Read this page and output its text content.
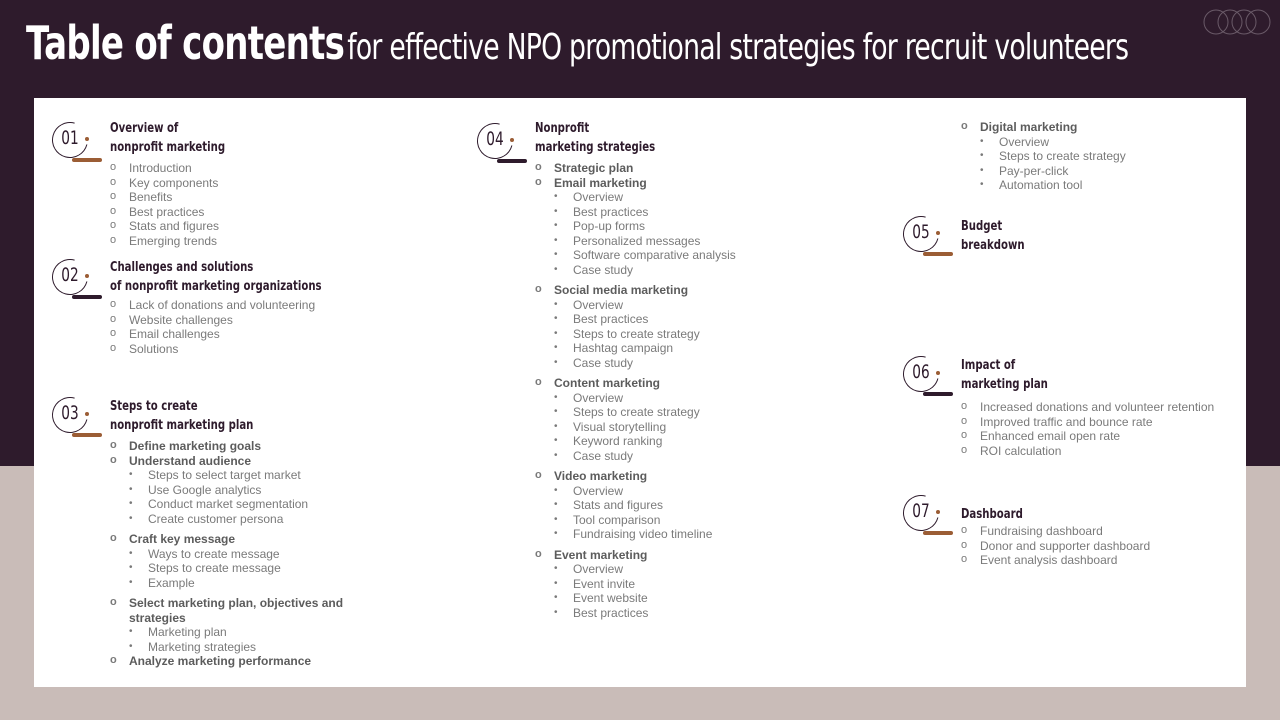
Table of contents for effective NPO promotional strategies for recruit volunteers
01	Overview of
nonprofit marketing
o Introduction
o Key components
o Benefits
o Best practices
o Stats and figures
o Emerging trends
02	Challenges and solutions
of nonprofit marketing organizations
o Lack of donations and volunteering
o Website challenges
o Email challenges
o Solutions
03	Steps to create
nonprofit marketing plan
o Define marketing goals
o Understand audience
• Steps to select target market
• Use Google analytics
• Conduct market segmentation
• Create customer persona
o Craft key message
• Ways to create message
• Steps to create message
• Example
o Select marketing plan, objectives and
strategies
• Marketing plan
• Marketing strategies
o Analyze marketing performance
04	Nonprofit
marketing strategies
o Strategic plan
o Email marketing
• Overview
• Best practices
• Pop-up forms
• Personalized messages
• Software comparative analysis
• Case study
o Social media marketing
• Overview
• Best practices
• Steps to create strategy
• Hashtag campaign
• Case study
o Content marketing
• Overview
• Steps to create strategy
• Visual storytelling
• Keyword ranking
• Case study
o Video marketing
• Overview
• Stats and figures
• Tool comparison
• Fundraising video timeline
o Event marketing
• Overview
• Event invite
• Event website
• Best practices
o Digital marketing
• Overview
• Steps to create strategy
• Pay-per-click
• Automation tool
05	Budget
breakdown
06	Impact of
marketing plan
o Increased donations and volunteer retention
o Improved traffic and bounce rate
o Enhanced email open rate
o ROI calculation
07	Dashboard
o Fundraising dashboard
o Donor and supporter dashboard
o Event analysis dashboard
